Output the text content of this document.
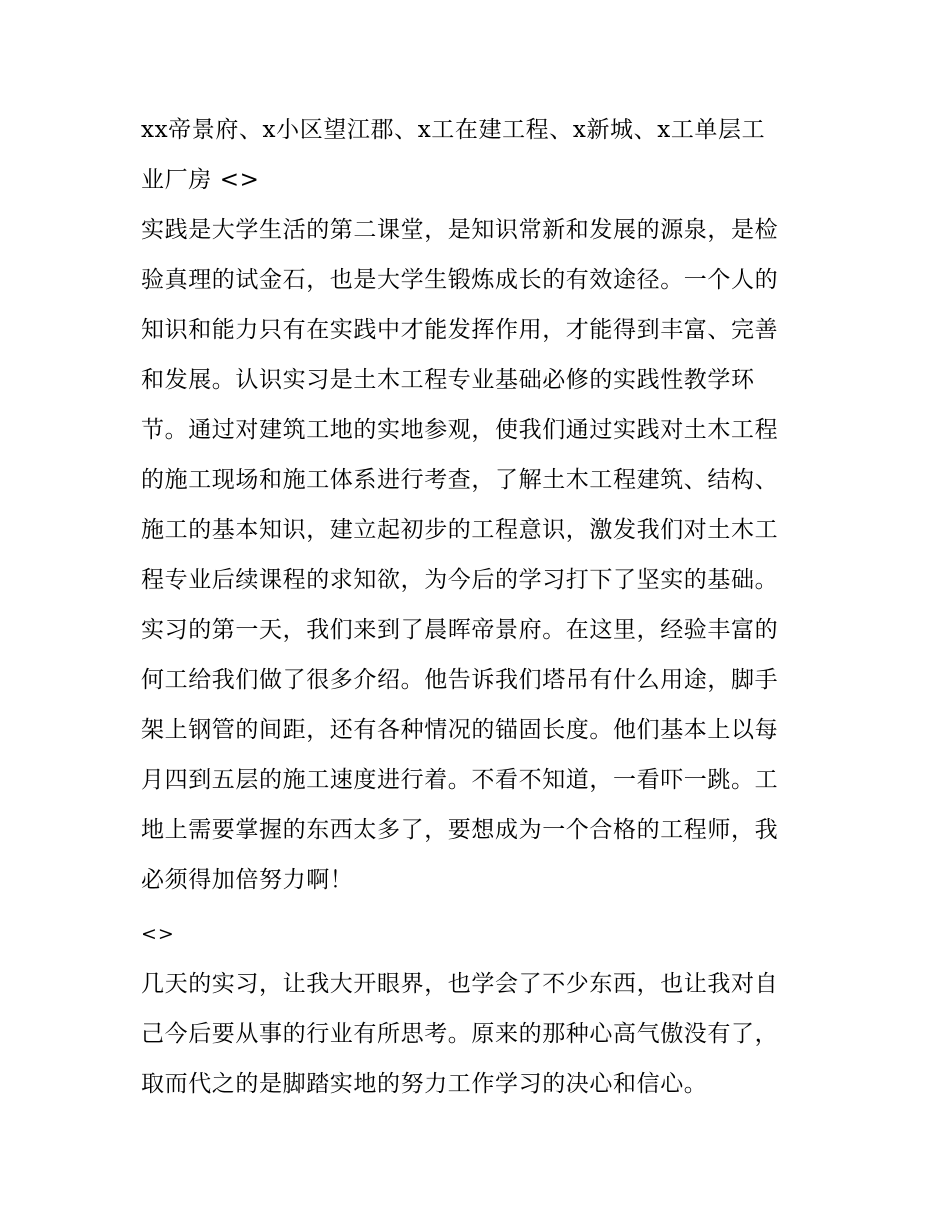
xx帝景府、x小区望江郡、x工在建工程、x新城、x工单层工
业厂房 <>
实践是大学生活的第二课堂，是知识常新和发展的源泉，是检
验真理的试金石，也是大学生锻炼成长的有效途径。一个人的
知识和能力只有在实践中才能发挥作用，才能得到丰富、完善
和发展。认识实习是土木工程专业基础必修的实践性教学环
节。通过对建筑工地的实地参观，使我们通过实践对土木工程
的施工现场和施工体系进行考查，了解土木工程建筑、结构、
施工的基本知识，建立起初步的工程意识，激发我们对土木工
程专业后续课程的求知欲，为今后的学习打下了坚实的基础。
实习的第一天，我们来到了晨晖帝景府。在这里，经验丰富的
何工给我们做了很多介绍。他告诉我们塔吊有什么用途，脚手
架上钢管的间距，还有各种情况的锚固长度。他们基本上以每
月四到五层的施工速度进行着。不看不知道，一看吓一跳。工
地上需要掌握的东西太多了，要想成为一个合格的工程师，我
必须得加倍努力啊！
<>
几天的实习，让我大开眼界，也学会了不少东西，也让我对自
己今后要从事的行业有所思考。原来的那种心高气傲没有了，
取而代之的是脚踏实地的努力工作学习的决心和信心。
